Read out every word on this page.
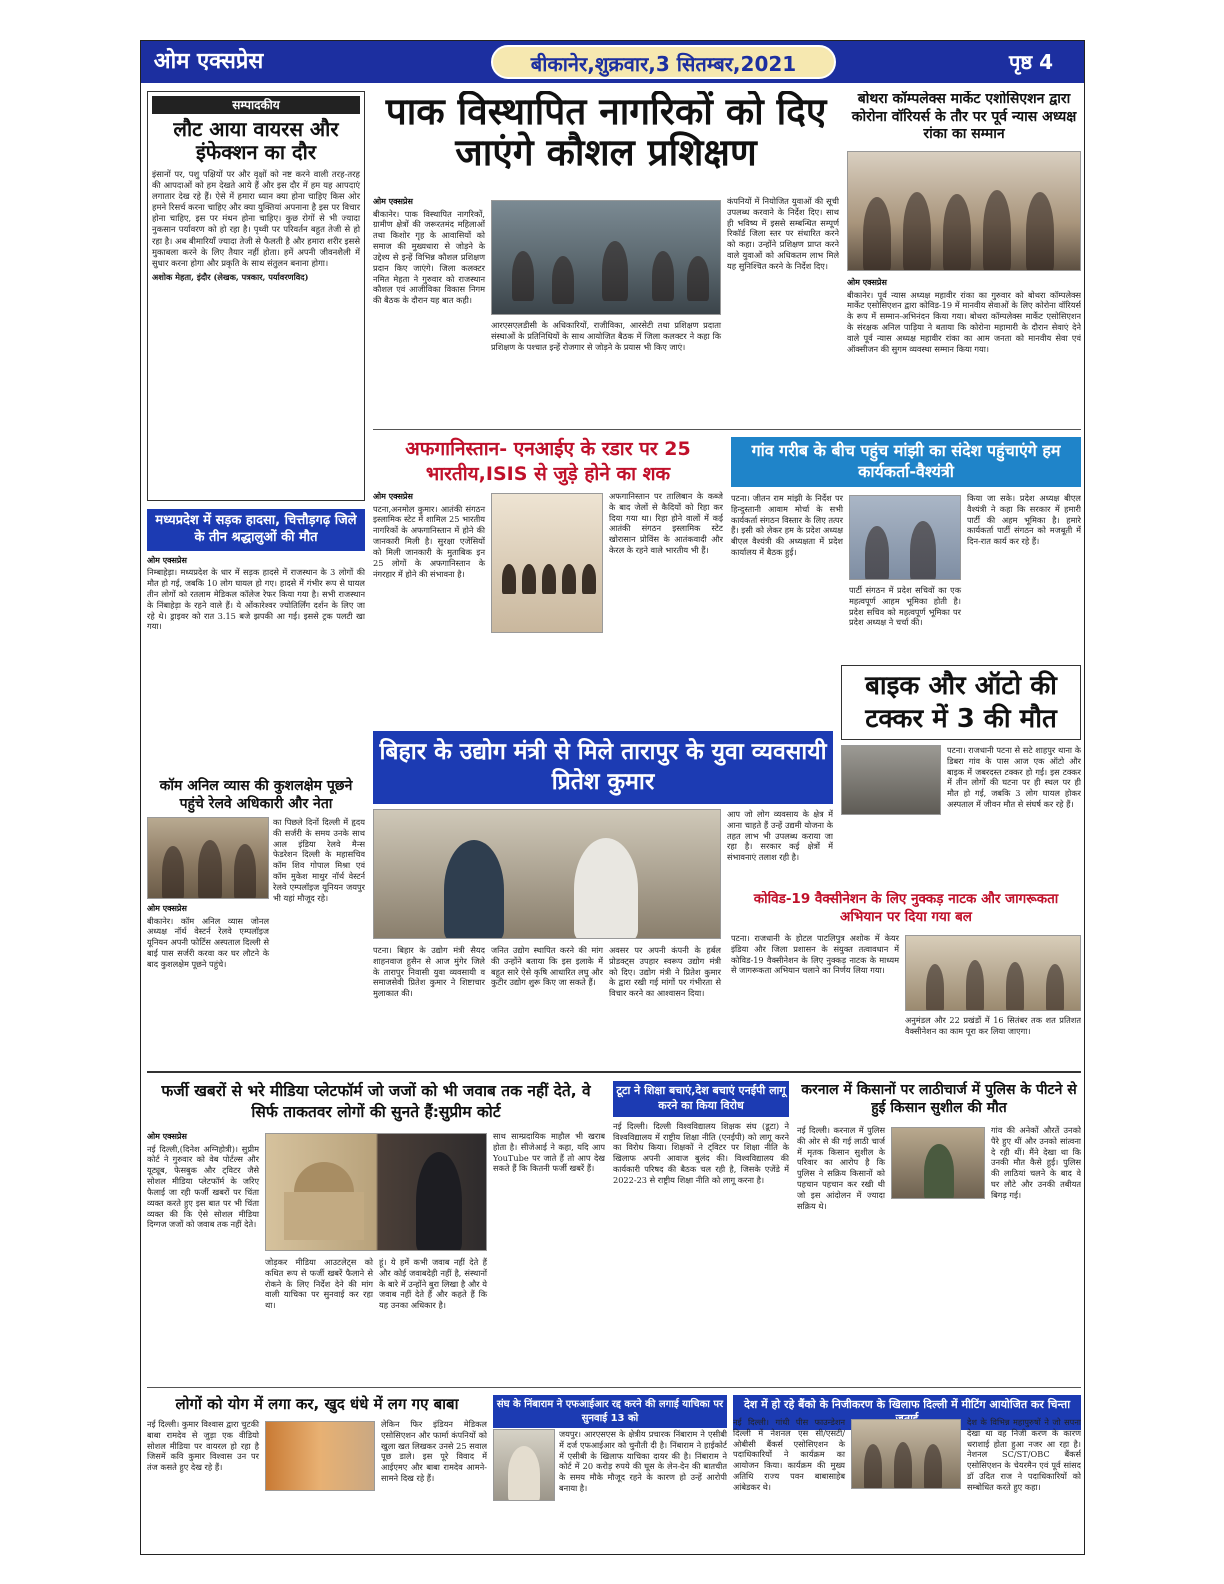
ओम एक्सप्रेस	बीकानेर,शुक्रवार,3 सितम्बर,2021	पृष्ठ 4
सम्पादकीय
लौट आया वायरस और इंफेक्शन का दौर
इंसानों पर, पशु पक्षियों पर और वृक्षों को नष्ट करने वाली तरह-तरह की आपदाओं को हम देखते आये हैं और इस दौर में हम यह आपदाएं लगातार देख रहे हैं। ऐसे में हमारा ध्यान क्या होना चाहिए किस ओर हमने रिसर्च करना चाहिए और क्या युक्तियां अपनाना है इस पर विचार होना चाहिए, इस पर मंथन होना चाहिए। कुछ रोगों से भी ज्यादा नुकसान पर्यावरण को हो रहा है। पृथ्वी पर परिवर्तन बहुत तेजी से हो रहा है। अब बीमारियाँ ज्यादा तेजी से फैलती है और हमारा शरीर इससे मुकाबला करने के लिए तैयार नहीं होता। हमें अपनी जीवनशैली में सुधार करना होगा और प्रकृति के साथ संतुलन बनाना होगा।
अशोक मेहता, इंदौर (लेखक, पत्रकार, पर्यावरणविद)
पाक विस्थापित नागरिकों को दिए जाएंगे कौशल प्रशिक्षण
ओम एक्सप्रेस
बीकानेर। पाक विस्थापित नागरिकों, ग्रामीण क्षेत्रों की जरूरतमंद महिलाओं तथा किशोर गृह के आवासियों को समाज की मुख्यधारा से जोड़ने के उद्देश्य से इन्हें विभिन्न कौशल प्रशिक्षण प्रदान किए जाएंगे। जिला कलक्टर नमित मेहता ने गुरुवार को राजस्थान कौशल एवं आजीविका विकास निगम की बैठक के दौरान यह बात कही।
आरएसएलडीसी के अधिकारियों, राजीविका, आरसेटी तथा प्रशिक्षण प्रदाता संस्थाओं के प्रतिनिधियों के साथ आयोजित बैठक में जिला कलक्टर ने कहा कि प्रशिक्षण के पश्चात इन्हें रोजगार से जोड़ने के प्रयास भी किए जाएं।
कंपनियों में नियोजित युवाओं की सूची उपलब्ध करवाने के निर्देश दिए। साथ ही भविष्य में इससे सम्बन्धित सम्पूर्ण रिकॉर्ड जिला स्तर पर संधारित करने को कहा। उन्होंने प्रशिक्षण प्राप्त करने वाले युवाओं को अधिकतम लाभ मिले यह सुनिश्चित करने के निर्देश दिए।
बोथरा कॉम्पलेक्स मार्केट एशोसिएशन द्वारा कोरोना वॉरियर्स के तौर पर पूर्व न्यास अध्यक्ष रांका का सम्मान
ओम एक्सप्रेस
बीकानेर। पूर्व न्यास अध्यक्ष महावीर रांका का गुरुवार को बोथरा कॉम्पलेक्स मार्केट एसोसिएशन द्वारा कोविड-19 में मानवीय सेवाओं के लिए कोरोना वॉरियर्स के रूप में सम्मान-अभिनंदन किया गया। बोथरा कॉम्पलेक्स मार्केट एसोसिएशन के संरक्षक अनिल पाड़िया ने बताया कि कोरोना महामारी के दौरान सेवाएं देने वाले पूर्व न्यास अध्यक्ष महावीर रांका का आम जनता को मानवीय सेवा एवं ऑक्सीजन की सुगम व्यवस्था सम्मान किया गया।
मध्यप्रदेश में सड़क हादसा, चित्तौड़गढ़ जिले के तीन श्रद्धालुओं की मौत
ओम एक्सप्रेस
निम्बाहेड़ा। मध्यप्रदेश के धार में सड़क हादसे में राजस्थान के 3 लोगों की मौत हो गई, जबकि 10 लोग घायल हो गए। हादसे में गंभीर रूप से घायल तीन लोगों को रतलाम मेडिकल कॉलेज रेफर किया गया है। सभी राजस्थान के निंबाहेड़ा के रहने वाले हैं। ये ओंकारेश्वर ज्योतिर्लिंग दर्शन के लिए जा रहे थे। ड्राइवर को रात 3.15 बजे झपकी आ गई। इससे ट्रक पलटी खा गया।
अफगानिस्तान- एनआईए के रडार पर 25 भारतीय,ISIS से जुड़े होने का शक
ओम एक्सप्रेस
पटना,अनमोल कुमार। आतंकी संगठन इस्लामिक स्टेट में शामिल 25 भारतीय नागरिकों के अफगानिस्तान में होने की जानकारी मिली है। सुरक्षा एजेंसियों को मिली जानकारी के मुताबिक इन 25 लोगों के अफगानिस्तान के नंगरहार में होने की संभावना है।
अफगानिस्तान पर तालिबान के कब्जे के बाद जेलों से कैदियों को रिहा कर दिया गया था। रिहा होने वालों में कई आतंकी संगठन इस्लामिक स्टेट खोरासान प्रोविंस के आतंकवादी और केरल के रहने वाले भारतीय भी हैं।
गांव गरीब के बीच पहुंच मांझी का संदेश पहुंचाएंगे हम कार्यकर्ता-वैश्यंत्री
पटना। जीतन राम मांझी के निर्देश पर हिन्दुस्तानी आवाम मोर्चा के सभी कार्यकर्ता संगठन विस्तार के लिए तत्पर हैं। इसी को लेकर हम के प्रदेश अध्यक्ष बीएल वैश्यंत्री की अध्यक्षता में प्रदेश कार्यालय में बैठक हुई।
पार्टी संगठन में प्रदेश सचिवों का एक महत्वपूर्ण आहम भूमिका होती है। प्रदेश सचिव को महत्वपूर्ण भूमिका पर प्रदेश अध्यक्ष ने चर्चा की।
किया जा सके। प्रदेश अध्यक्ष बीएल वैश्यंत्री ने कहा कि सरकार में हमारी पार्टी की अहम भूमिका है। हमारे कार्यकर्ता पार्टी संगठन को मजबूती में दिन-रात कार्य कर रहे हैं।
कॉम अनिल व्यास की कुशलक्षेम पूछने पहुंचे रेलवे अधिकारी और नेता
का पिछले दिनों दिल्ली में हृदय की सर्जरी के समय उनके साथ आल इंडिया रेलवे मैन्स फेडरेशन दिल्ली के महासचिव कॉम शिव गोपाल मिश्रा एवं कॉम मुकेश माथुर नॉर्थ वेस्टर्न रेलवे एम्पलॉइज यूनियन जयपुर भी यहां मौजूद रहे।
ओम एक्सप्रेस
बीकानेर। कॉम अनिल व्यास जोनल अध्यक्ष नॉर्थ वेस्टर्न रेलवे एम्पलॉइज यूनियन अपनी फोर्टिस अस्पताल दिल्ली से बाई पास सर्जरी करवा कर घर लौटने के बाद कुशलक्षेम पूछने पहुंचे।
बिहार के उद्योग मंत्री से मिले तारापुर के युवा व्यवसायी प्रितेश कुमार
आप जो लोग व्यवसाय के क्षेत्र में आना चाहते हैं उन्हें उद्यमी योजना के तहत लाभ भी उपलब्ध कराया जा रहा है। सरकार कई क्षेत्रों में संभावनाएं तलाश रही है।
पटना। बिहार के उद्योग मंत्री सैयद शाहनवाज हुसैन से आज मुंगेर जिले के तारापुर निवासी युवा व्यवसायी व समाजसेवी प्रितेश कुमार ने शिष्टाचार मुलाकात की।
जनित उद्योग स्थापित करने की मांग की उन्होंने बताया कि इस इलाके में बहुत सारे ऐसे कृषि आधारित लघु और कुटीर उद्योग शुरू किए जा सकते हैं।
अवसर पर अपनी कंपनी के हर्बल प्रोडक्ट्स उपहार स्वरूप उद्योग मंत्री को दिए। उद्योग मंत्री ने प्रितेश कुमार के द्वारा रखी गई मांगों पर गंभीरता से विचार करने का आश्वासन दिया।
बाइक और ऑटो की टक्कर में 3 की मौत
पटना। राजधानी पटना से सटे शाहपुर थाना के डिबरा गांव के पास आज एक ऑटो और बाइक में जबरदस्त टक्कर हो गई। इस टक्कर में तीन लोगों की घटना पर ही स्थल पर ही मौत हो गई, जबकि 3 लोग घायल होकर अस्पताल में जीवन मौत से संघर्ष कर रहे हैं।
कोविड-19 वैक्सीनेशन के लिए नुक्कड़ नाटक और जागरूकता अभियान पर दिया गया बल
पटना। राजधानी के होटल पाटलिपुत्र अशोक में केयर इंडिया और जिला प्रशासन के संयुक्त तत्वावधान में कोविड-19 वैक्सीनेशन के लिए नुक्कड़ नाटक के माध्यम से जागरूकता अभियान चलाने का निर्णय लिया गया।
अनुमंडल और 22 प्रखंडों में 16 सितंबर तक शत प्रतिशत वैक्सीनेशन का काम पूरा कर लिया जाएगा।
फर्जी खबरों से भरे मीडिया प्लेटफॉर्म जो जजों को भी जवाब तक नहीं देते, वे सिर्फ ताकतवर लोगों की सुनते हैं:सुप्रीम कोर्ट
ओम एक्सप्रेस
नई दिल्ली,(दिनेश अग्निहोत्री)। सुप्रीम कोर्ट ने गुरुवार को वेब पोर्टल्स और यूट्यूब, फेसबुक और ट्विटर जैसे सोशल मीडिया प्लेटफॉर्म के जरिए फैलाई जा रही फर्जी खबरों पर चिंता व्यक्त करते हुए इस बात पर भी चिंता व्यक्त की कि ऐसे सोशल मीडिया दिग्गज जजों को जवाब तक नहीं देते।
जोड़कर मीडिया आउटलेट्स को कथित रूप से फर्जी खबरें फैलाने से रोकने के लिए निर्देश देने की मांग वाली याचिका पर सुनवाई कर रहा था।
हूं। ये हमें कभी जवाब नहीं देते हैं और कोई जवाबदेही नहीं है, संस्थानों के बारे में उन्होंने बुरा लिखा है और ये जवाब नहीं देते हैं और कहते हैं कि यह उनका अधिकार है।
साथ साम्प्रदायिक माहौल भी खराब होता है। सीजेआई ने कहा, यदि आप YouTube पर जाते हैं तो आप देख सकते हैं कि कितनी फर्जी खबरें हैं।
टूटा ने शिक्षा बचाएं,देश बचाएं एनईपी लागू करने का किया विरोध
नई दिल्ली। दिल्ली विश्वविद्यालय शिक्षक संघ (डूटा) ने विश्वविद्यालय में राष्ट्रीय शिक्षा नीति (एनईपी) को लागू करने का विरोध किया। शिक्षकों ने ट्विटर पर शिक्षा नीति के खिलाफ अपनी आवाज बुलंद की। विश्वविद्यालय की कार्यकारी परिषद की बैठक चल रही है, जिसके एजेंडे में 2022-23 से राष्ट्रीय शिक्षा नीति को लागू करना है।
करनाल में किसानों पर लाठीचार्ज में पुलिस के पीटने से हुई किसान सुशील की मौत
नई दिल्ली। करनाल में पुलिस की ओर से की गई लाठी चार्ज में मृतक किसान सुशील के परिवार का आरोप है कि पुलिस ने सक्रिय किसानों को पहचान पहचान कर रखी थी जो इस आंदोलन में ज्यादा सक्रिय थे।
गांव की अनेकों औरतें उनको पैरे हुए थीं और उनको सांत्वना दे रही थीं। मैंने देखा था कि उनकी मौत कैसे हुई। पुलिस की लाठियां चलने के बाद वे घर लौटे और उनकी तबीयत बिगड़ गई।
लोगों को योग में लगा कर, खुद धंधे में लग गए बाबा
नई दिल्ली। कुमार विश्वास द्वारा चुटकी बाबा रामदेव से जुड़ा एक वीडियो सोशल मीडिया पर वायरल हो रहा है जिसमें कवि कुमार विश्वास उन पर तंज कसते हुए देख रहे हैं।
लेकिन फिर इंडियन मेडिकल एसोसिएशन और फार्मा कंपनियों को खुला खत लिखकर उनसे 25 सवाल पूछ डाले। इस पूरे विवाद में आईएमए और बाबा रामदेव आमने-सामने दिख रहे हैं।
संघ के निंबाराम ने एफआईआर रद्द करने की लगाई याचिका पर सुनवाई 13 को
जयपुर। आरएसएस के क्षेत्रीय प्रचारक निंबाराम ने एसीबी में दर्ज एफआईआर को चुनौती दी है। निंबाराम ने हाईकोर्ट में एसीबी के खिलाफ याचिका दायर की है। निंबाराम ने कोर्ट में 20 करोड़ रुपये की घूस के लेन-देन की बातचीत के समय मौके मौजूद रहने के कारण हो उन्हें आरोपी बनाया है।
देश में हो रहे बैंको के निजीकरण के खिलाफ दिल्ली में मीटिंग आयोजित कर चिन्ता
नई दिल्ली। गांधी पीस फाउन्डेशन दिल्ली में नेशनल एस सी/एसटी/ओबीसी बैंकर्स एसोसिएशन के पदाधिकारियों ने कार्यक्रम का आयोजन किया। कार्यक्रम की मुख्य अतिथि राज्य पवन बाबासाहेब आंबेडकर थे।
देश के विभिन्न महापुरुषों ने जो सपना देखा था वह निजी करण के कारण धराशाई होता हुआ नजर आ रहा है। नेशनल SC/ST/OBC बैंकर्स एसोसिएशन के चेयरमैन एवं पूर्व सांसद डॉ उदित राज ने पदाधिकारियों को सम्बोधित करते हुए कहा।
